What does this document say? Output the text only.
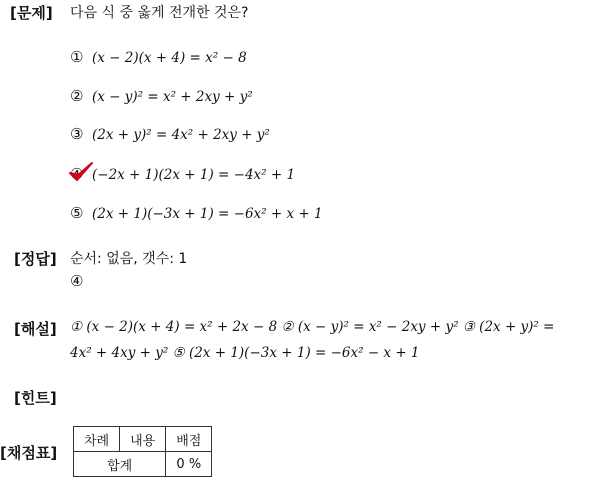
[문제] 다음 식 중 옳게 전개한 것은?
① (x − 2)(x + 4) = x² − 8
② (x − y)² = x² + 2xy + y²
③ (2x + y)² = 4x² + 2xy + y²
(−2x + 1)(2x + 1) = −4x² + 1
⑤ (2x + 1)(−3x + 1) = −6x² + x + 1
[정답] 순서: 없음, 갯수: 1
④
[해설] ① (x − 2)(x + 4) = x² + 2x − 8 ② (x − y)² = x² − 2xy + y² ③ (2x + y)² =
4x² + 4xy + y² ⑤ (2x + 1)(−3x + 1) = −6x² − x + 1
[힌트]
[채점표]
차례	내용	배점
합계		0 %
